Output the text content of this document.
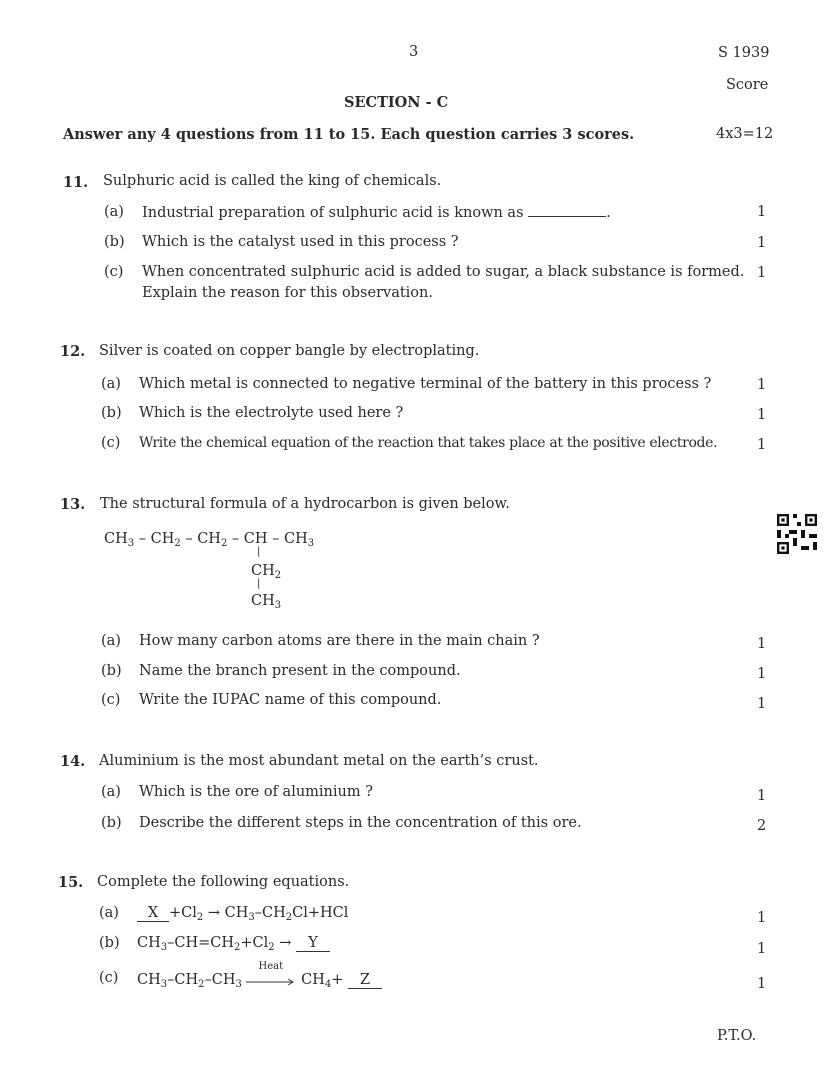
3	S 1939
Score
SECTION - C
Answer any 4 questions from 11 to 15. Each question carries 3 scores.	4x3=12
11. Sulphuric acid is called the king of chemicals.
(a) Industrial preparation of sulphuric acid is known as	.	1
(b) Which is the catalyst used in this process ?	1
(c) When concentrated sulphuric acid is added to sugar, a black substance is formed.
Explain the reason for this observation.
1
12. Silver is coated on copper bangle by electroplating.
(a) Which metal is connected to negative terminal of the battery in this process ?	1
(b) Which is the electrolyte used here ?	1
(c) Write the chemical equation of the reaction that takes place at the positive electrode.	1
13. The structural formula of a hydrocarbon is given below.
$CH_3 - CH_2 - CH_2$ – CH – $CH_3$
|
$CH_2$
|
$CH_3$
(a) How many carbon atoms are there in the main chain ?	1
(b) Name the branch present in the compound.	1
(c) Write the IUPAC name of this compound.	1
14. Aluminium is the most abundant metal on the earth’s crust.
(a) Which is the ore of aluminium ?	1
(b) Describe the different steps in the concentration of this ore.	2
15. Complete the following equations.
(a)	$X +Cl_2 \to CH_3-CH_2Cl+HCl$	1
(b) $CH_3-CH=CH_2+Cl_2 \to Y$	1
(c) $CH_3-CH_2-CH_3$
Heat
$CH_4+ Z$	1
P.T.O.
